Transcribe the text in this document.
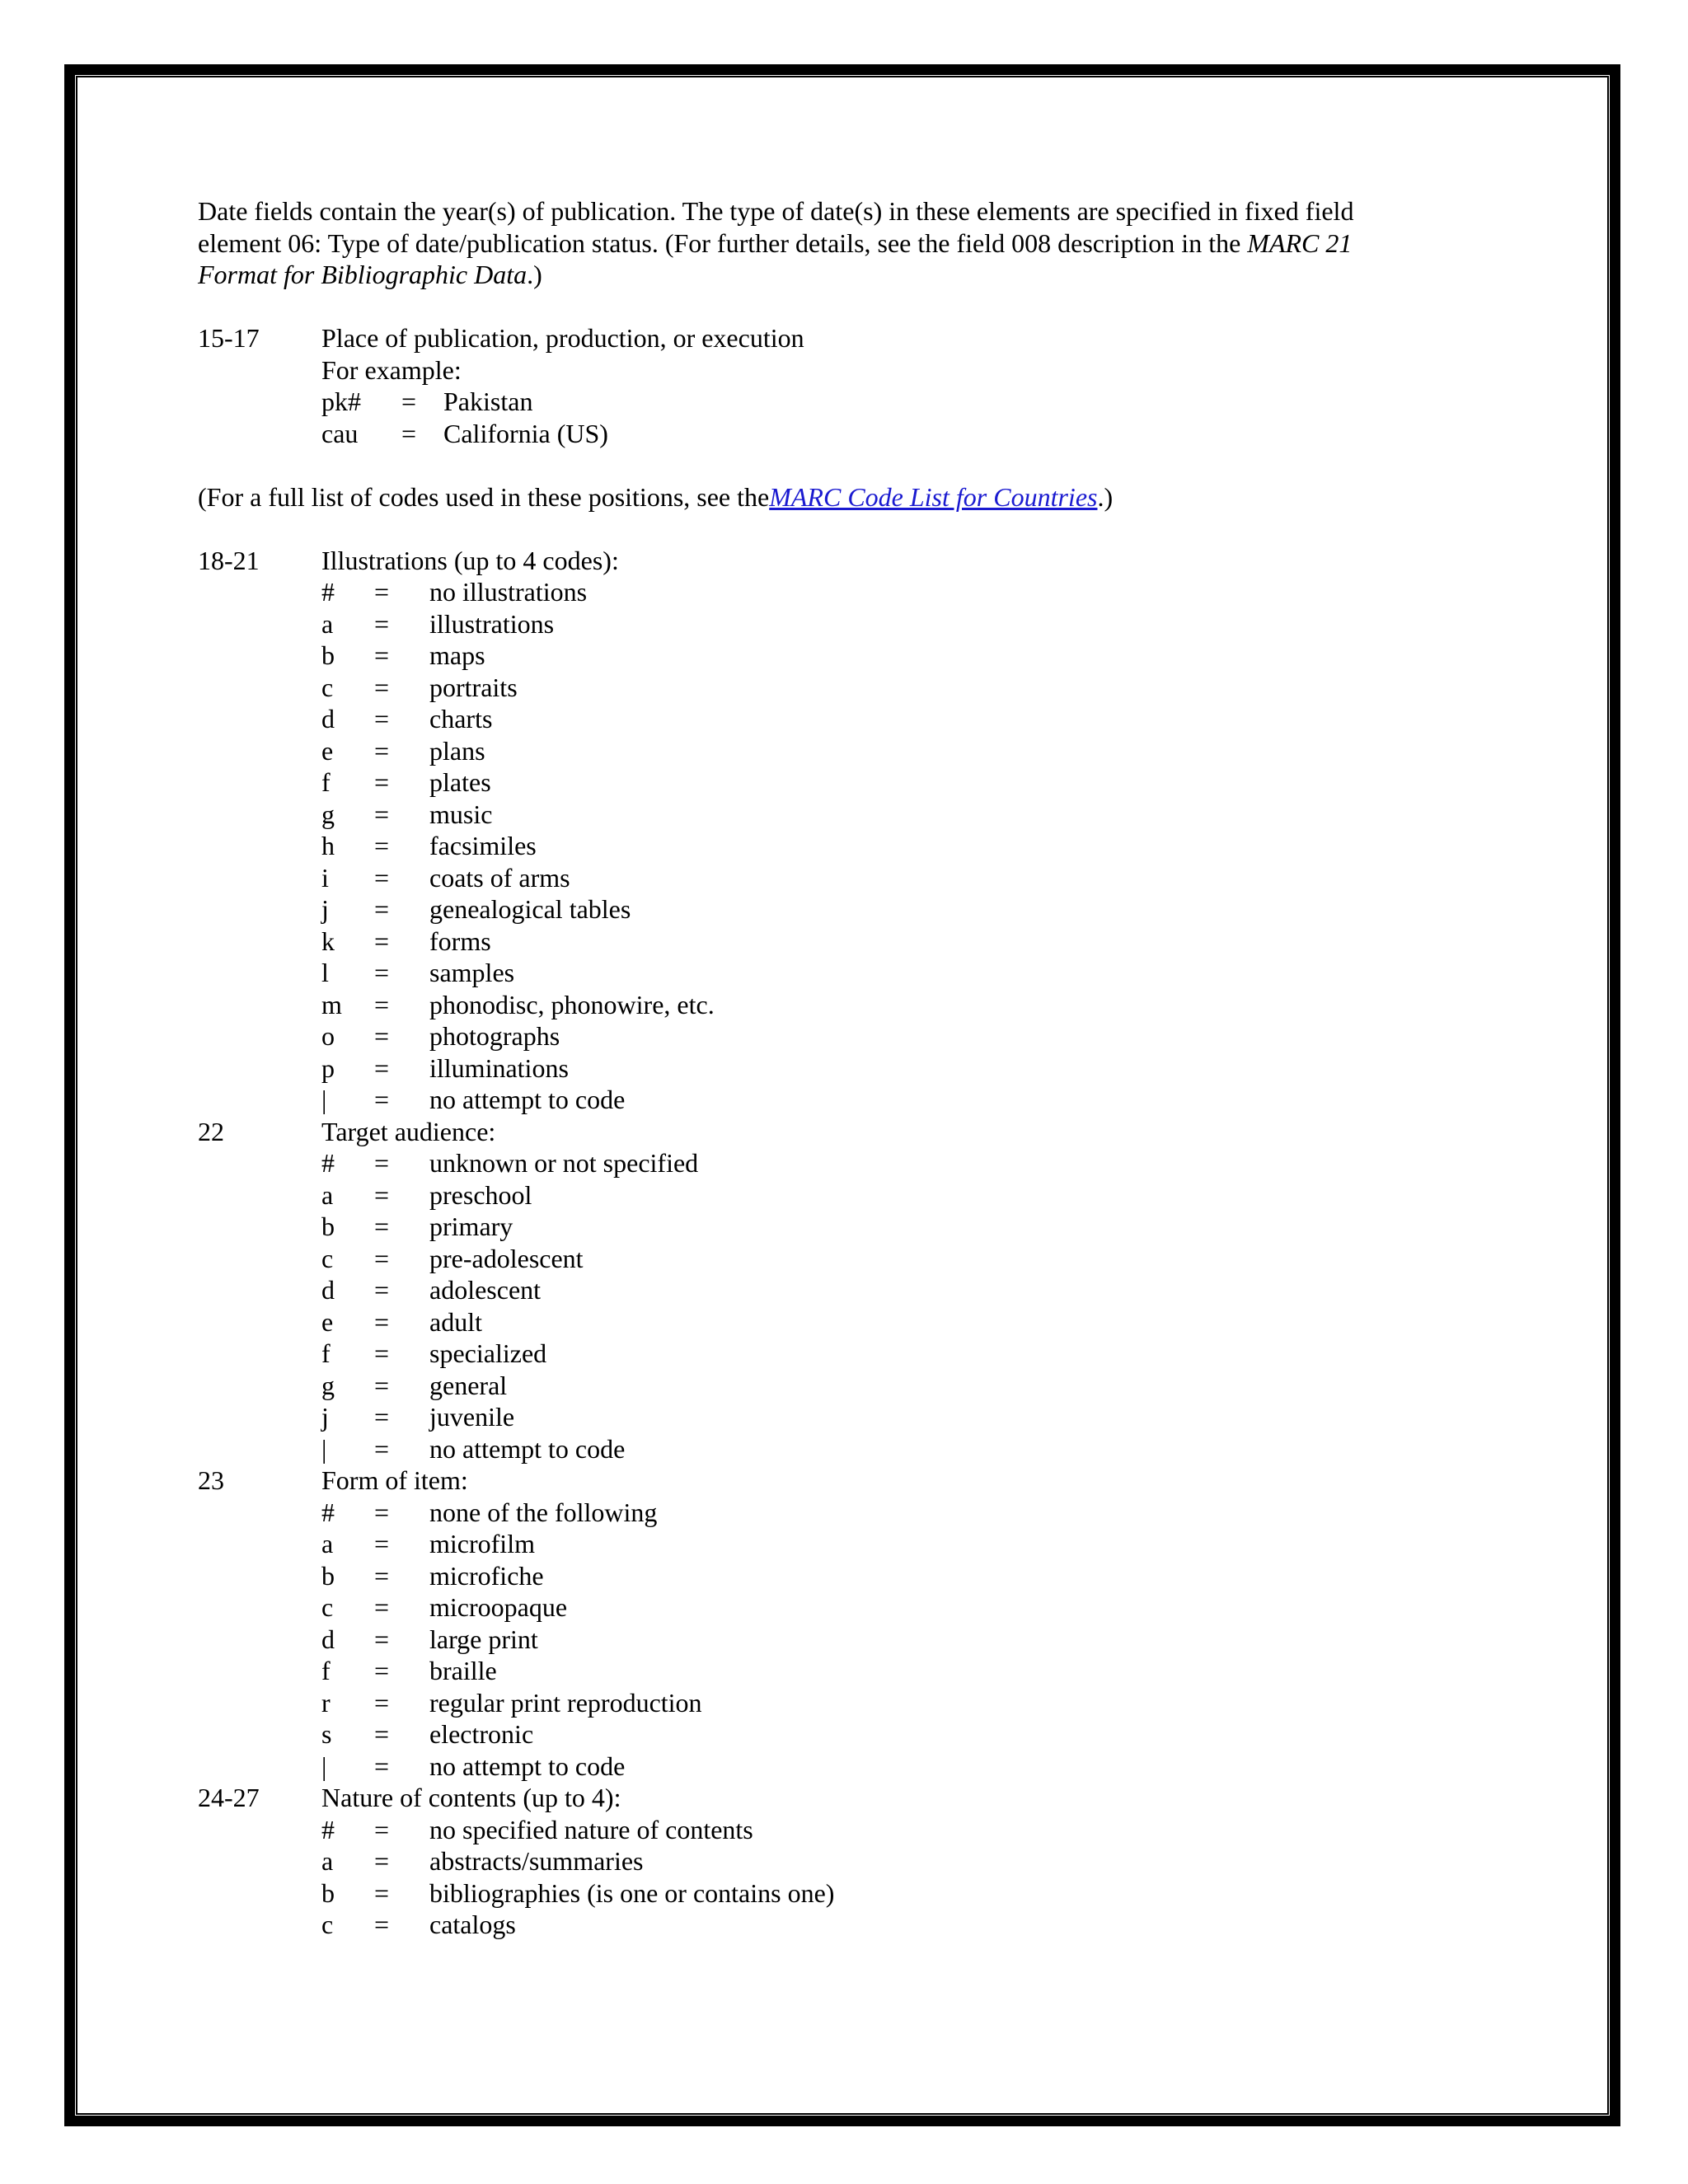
Date fields contain the year(s) of publication. The type of date(s) in these elements are specified in fixed field element 06: Type of date/publication status. (For further details, see the field 008 description in the MARC 21 Format for Bibliographic Data.)

15-17	Place of publication, production, or execution
For example:
pk#	=	Pakistan
cau	=	California (US)
(For a full list of codes used in these positions, see the MARC Code List for Countries .)
18-21	Illustrations (up to 4 codes):
#	=	no illustrations
a	=	illustrations
b	=	maps
c	=	portraits
d	=	charts
e	=	plans
f	=	plates
g	=	music
h	=	facsimiles
i	=	coats of arms
j	=	genealogical tables
k	=	forms
l	=	samples
m	=	phonodisc, phonowire, etc.
o	=	photographs
p	=	illuminations
|	=	no attempt to code
22	Target audience:
#	=	unknown or not specified
a	=	preschool
b	=	primary
c	=	pre-adolescent
d	=	adolescent
e	=	adult
f	=	specialized
g	=	general
j	=	juvenile
|	=	no attempt to code
23	Form of item:
#	=	none of the following
a	=	microfilm
b	=	microfiche
c	=	microopaque
d	=	large print
f	=	braille
r	=	regular print reproduction
s	=	electronic
|	=	no attempt to code
24-27	Nature of contents (up to 4):
#	=	no specified nature of contents
a	=	abstracts/summaries
b	=	bibliographies (is one or contains one)
c	=	catalogs
